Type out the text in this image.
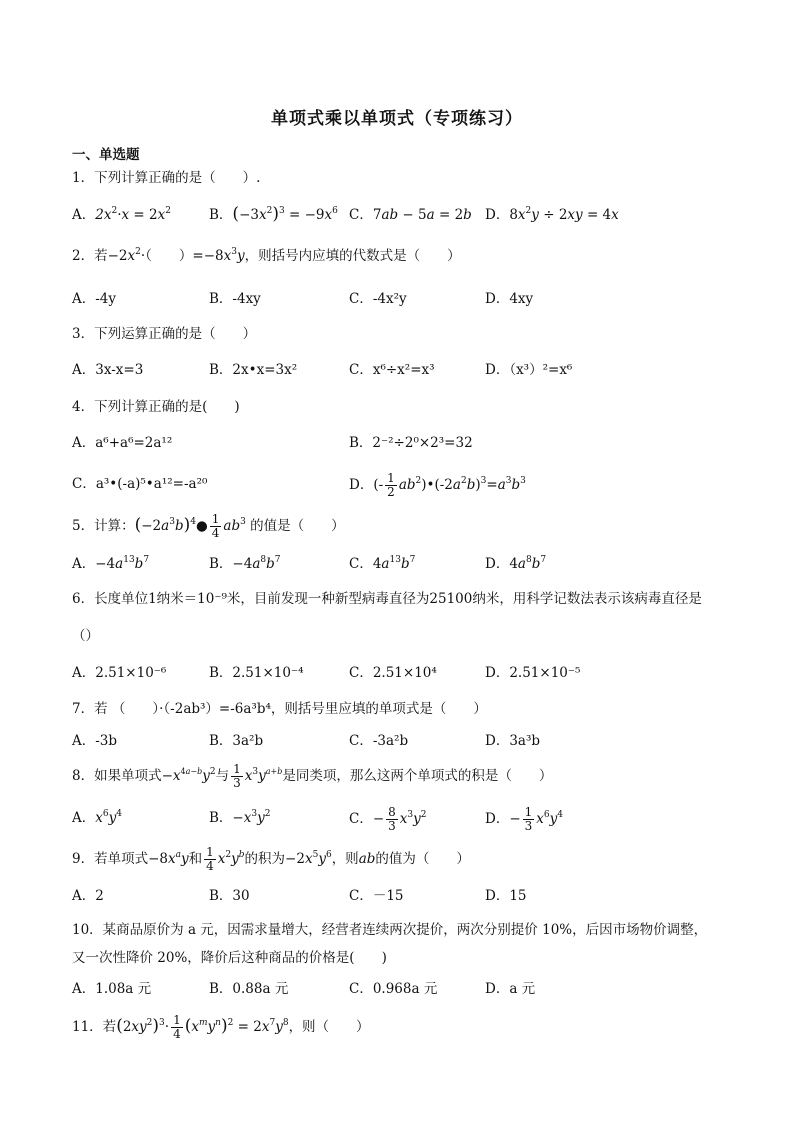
单项式乘以单项式（专项练习）
一、单选题
1．下列计算正确的是（　　）.
A．$2x^2\cdot x = 2x^2$	B．$(-3x^2)^3 = -9x^6$ C．7ab − 5a = 2b D．$8x^2y \div 2xy = 4x$
2．若$-2x^2\cdot$（　　）$=-8x^3y$，则括号内应填的代数式是（　　）
A．-4y	B．-4xy	C．-4x²y	D．4xy
3．下列运算正确的是（　　）
A．3x-x=3	B．2x•x=3x²	C．x⁶÷x²=x³	D．（x³）²=x⁶
4．下列计算正确的是(　　)
A．a⁶+a⁶=2a¹²	B．2⁻²÷2⁰×2³=32
C．a³•(-a)⁵•a¹²=-a²⁰	D．(- $\frac{1}{2}$ $ab^2)•(-2a^2b)^3=a^3b^3$
5．计算：$(-2a^3b)^4● \frac{1}{4} ab^3$ 的值是（　　）
A．$-4a^{13}b^7$	B．$-4a^8b^7$	C．$4a^{13}b^7$	D．$4a^8b^7$
6．长度单位1纳米＝10⁻⁹米，目前发现一种新型病毒直径为25100纳米，用科学记数法表示该病毒直径是
（）
A．2.51×10⁻⁶	B．2.51×10⁻⁴	C．2.51×10⁴	D．2.51×10⁻⁵
7．若 （　　）·（-2ab³）=-6a³b⁴，则括号里应填的单项式是（　　）
A．-3b	B．3a²b	C．-3a²b	D．3a³b
8．如果单项式$-x^{4a-b}y^2$与 $\frac{1}{3} x^3y^{a+b}$是同类项，那么这两个单项式的积是（　　）
A．$x^6y^4$	B．$-x^3y^2$	C．− $\frac{8}{3} x^3y^2$	D．− $\frac{1}{3} x^6y^4$
9．若单项式$-8x^ay$和 $\frac{1}{4} x^2y^b$的积为$-2x^5y^6$，则ab的值为（　　）
A．2	B．30	C．－15	D．15
10．某商品原价为 a 元，因需求量增大，经营者连续两次提价，两次分别提价 10%，后因市场物价调整，
又一次性降价 20%，降价后这种商品的价格是(　　)
A．1.08a 元	B．0.88a 元	C．0.968a 元	D．a 元
11．若$(2xy^2)^3\cdot \frac{1}{4} (x^my^n)^2 = 2x^7y^8$，则（　　）
